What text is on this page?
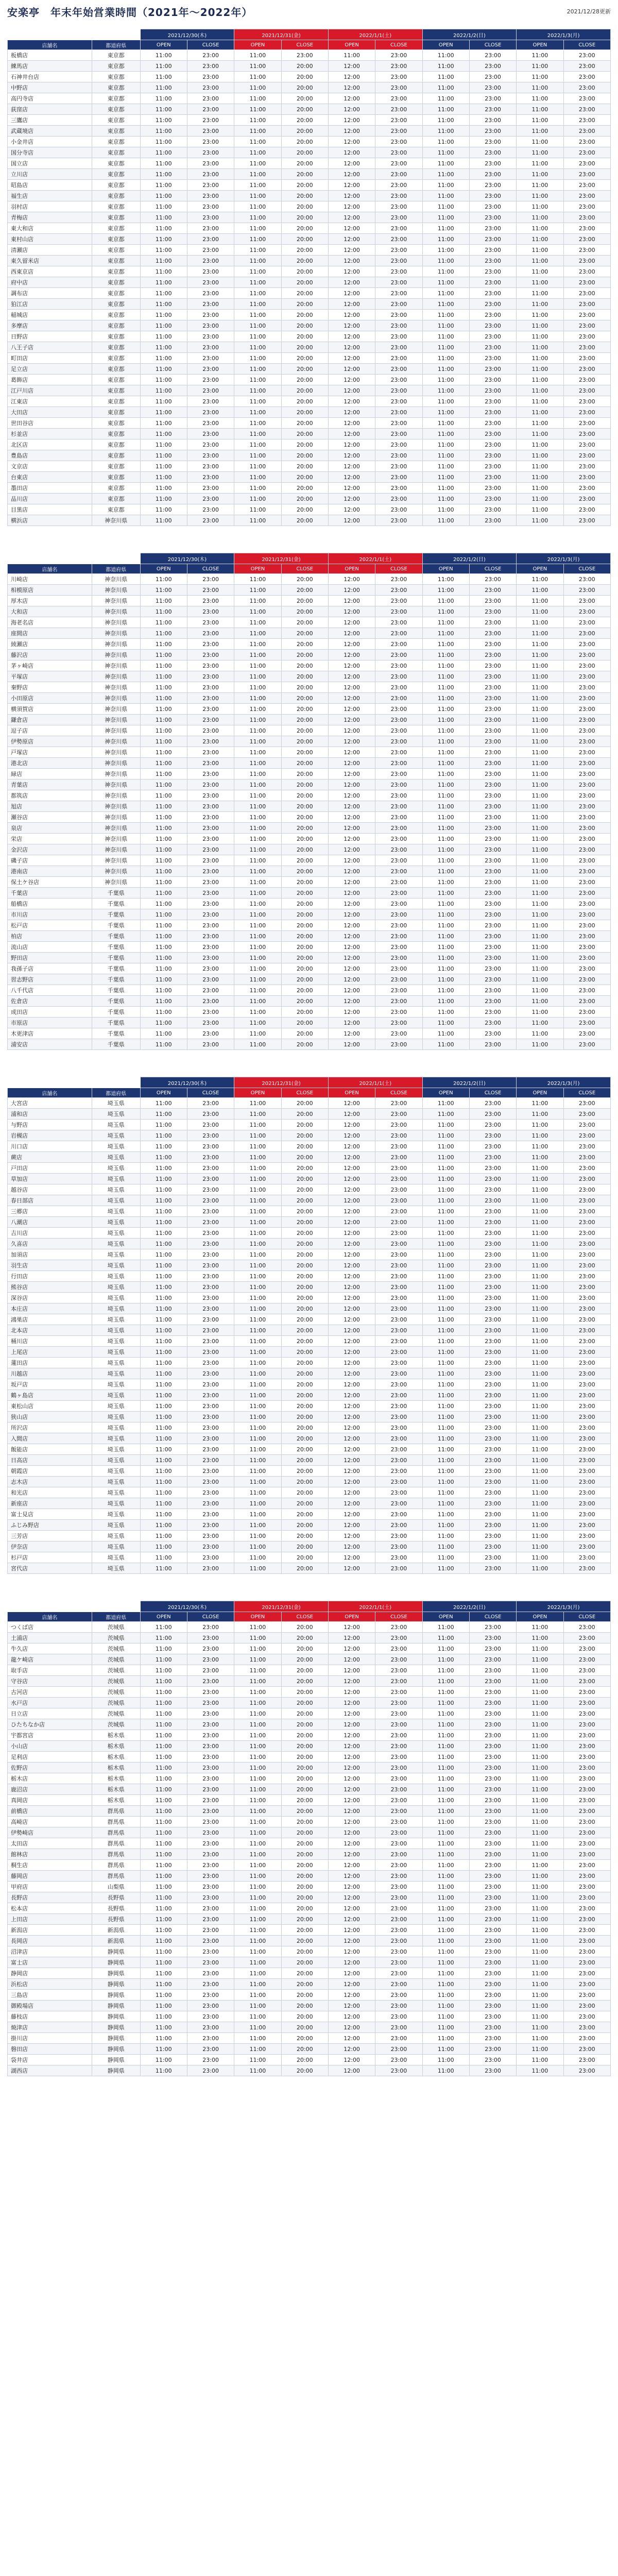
安楽亭　年末年始営業時間（2021年～2022年）	2021/12/28更新
		2021/12/30(木)		2021/12/31(金)		2022/1/1(土)		2022/1/2(日)		2022/1/3(月)	
店舗名	都道府県	OPEN	CLOSE	OPEN	CLOSE	OPEN	CLOSE	OPEN	CLOSE	OPEN	CLOSE
板橋店	東京都	11:00	23:00	11:00	23:00	11:00	23:00	11:00	23:00	11:00	23:00
練馬店	東京都	11:00	23:00	11:00	20:00	12:00	23:00	11:00	23:00	11:00	23:00
石神井台店	東京都	11:00	23:00	11:00	20:00	12:00	23:00	11:00	23:00	11:00	23:00
中野店	東京都	11:00	23:00	11:00	20:00	12:00	23:00	11:00	23:00	11:00	23:00
高円寺店	東京都	11:00	23:00	11:00	20:00	12:00	23:00	11:00	23:00	11:00	23:00
荻窪店	東京都	11:00	23:00	11:00	20:00	12:00	23:00	11:00	23:00	11:00	23:00
三鷹店	東京都	11:00	23:00	11:00	20:00	12:00	23:00	11:00	23:00	11:00	23:00
武蔵境店	東京都	11:00	23:00	11:00	20:00	12:00	23:00	11:00	23:00	11:00	23:00
小金井店	東京都	11:00	23:00	11:00	20:00	12:00	23:00	11:00	23:00	11:00	23:00
国分寺店	東京都	11:00	23:00	11:00	20:00	12:00	23:00	11:00	23:00	11:00	23:00
国立店	東京都	11:00	23:00	11:00	20:00	12:00	23:00	11:00	23:00	11:00	23:00
立川店	東京都	11:00	23:00	11:00	20:00	12:00	23:00	11:00	23:00	11:00	23:00
昭島店	東京都	11:00	23:00	11:00	20:00	12:00	23:00	11:00	23:00	11:00	23:00
福生店	東京都	11:00	23:00	11:00	20:00	12:00	23:00	11:00	23:00	11:00	23:00
羽村店	東京都	11:00	23:00	11:00	20:00	12:00	23:00	11:00	23:00	11:00	23:00
青梅店	東京都	11:00	23:00	11:00	20:00	12:00	23:00	11:00	23:00	11:00	23:00
東大和店	東京都	11:00	23:00	11:00	20:00	12:00	23:00	11:00	23:00	11:00	23:00
東村山店	東京都	11:00	23:00	11:00	20:00	12:00	23:00	11:00	23:00	11:00	23:00
清瀬店	東京都	11:00	23:00	11:00	20:00	12:00	23:00	11:00	23:00	11:00	23:00
東久留米店	東京都	11:00	23:00	11:00	20:00	12:00	23:00	11:00	23:00	11:00	23:00
西東京店	東京都	11:00	23:00	11:00	20:00	12:00	23:00	11:00	23:00	11:00	23:00
府中店	東京都	11:00	23:00	11:00	20:00	12:00	23:00	11:00	23:00	11:00	23:00
調布店	東京都	11:00	23:00	11:00	20:00	12:00	23:00	11:00	23:00	11:00	23:00
狛江店	東京都	11:00	23:00	11:00	20:00	12:00	23:00	11:00	23:00	11:00	23:00
稲城店	東京都	11:00	23:00	11:00	20:00	12:00	23:00	11:00	23:00	11:00	23:00
多摩店	東京都	11:00	23:00	11:00	20:00	12:00	23:00	11:00	23:00	11:00	23:00
日野店	東京都	11:00	23:00	11:00	20:00	12:00	23:00	11:00	23:00	11:00	23:00
八王子店	東京都	11:00	23:00	11:00	20:00	12:00	23:00	11:00	23:00	11:00	23:00
町田店	東京都	11:00	23:00	11:00	20:00	12:00	23:00	11:00	23:00	11:00	23:00
足立店	東京都	11:00	23:00	11:00	20:00	12:00	23:00	11:00	23:00	11:00	23:00
葛飾店	東京都	11:00	23:00	11:00	20:00	12:00	23:00	11:00	23:00	11:00	23:00
江戸川店	東京都	11:00	23:00	11:00	20:00	12:00	23:00	11:00	23:00	11:00	23:00
江東店	東京都	11:00	23:00	11:00	20:00	12:00	23:00	11:00	23:00	11:00	23:00
大田店	東京都	11:00	23:00	11:00	20:00	12:00	23:00	11:00	23:00	11:00	23:00
世田谷店	東京都	11:00	23:00	11:00	20:00	12:00	23:00	11:00	23:00	11:00	23:00
杉並店	東京都	11:00	23:00	11:00	20:00	12:00	23:00	11:00	23:00	11:00	23:00
北区店	東京都	11:00	23:00	11:00	20:00	12:00	23:00	11:00	23:00	11:00	23:00
豊島店	東京都	11:00	23:00	11:00	20:00	12:00	23:00	11:00	23:00	11:00	23:00
文京店	東京都	11:00	23:00	11:00	20:00	12:00	23:00	11:00	23:00	11:00	23:00
台東店	東京都	11:00	23:00	11:00	20:00	12:00	23:00	11:00	23:00	11:00	23:00
墨田店	東京都	11:00	23:00	11:00	20:00	12:00	23:00	11:00	23:00	11:00	23:00
品川店	東京都	11:00	23:00	11:00	20:00	12:00	23:00	11:00	23:00	11:00	23:00
目黒店	東京都	11:00	23:00	11:00	20:00	12:00	23:00	11:00	23:00	11:00	23:00
横浜店	神奈川県	11:00	23:00	11:00	20:00	12:00	23:00	11:00	23:00	11:00	23:00
		2021/12/30(木)		2021/12/31(金)		2022/1/1(土)		2022/1/2(日)		2022/1/3(月)	
店舗名	都道府県	OPEN	CLOSE	OPEN	CLOSE	OPEN	CLOSE	OPEN	CLOSE	OPEN	CLOSE
川崎店	神奈川県	11:00	23:00	11:00	20:00	12:00	23:00	11:00	23:00	11:00	23:00
相模原店	神奈川県	11:00	23:00	11:00	20:00	12:00	23:00	11:00	23:00	11:00	23:00
厚木店	神奈川県	11:00	23:00	11:00	20:00	12:00	23:00	11:00	23:00	11:00	23:00
大和店	神奈川県	11:00	23:00	11:00	20:00	12:00	23:00	11:00	23:00	11:00	23:00
海老名店	神奈川県	11:00	23:00	11:00	20:00	12:00	23:00	11:00	23:00	11:00	23:00
座間店	神奈川県	11:00	23:00	11:00	20:00	12:00	23:00	11:00	23:00	11:00	23:00
綾瀬店	神奈川県	11:00	23:00	11:00	20:00	12:00	23:00	11:00	23:00	11:00	23:00
藤沢店	神奈川県	11:00	23:00	11:00	20:00	12:00	23:00	11:00	23:00	11:00	23:00
茅ヶ崎店	神奈川県	11:00	23:00	11:00	20:00	12:00	23:00	11:00	23:00	11:00	23:00
平塚店	神奈川県	11:00	23:00	11:00	20:00	12:00	23:00	11:00	23:00	11:00	23:00
秦野店	神奈川県	11:00	23:00	11:00	20:00	12:00	23:00	11:00	23:00	11:00	23:00
小田原店	神奈川県	11:00	23:00	11:00	20:00	12:00	23:00	11:00	23:00	11:00	23:00
横須賀店	神奈川県	11:00	23:00	11:00	20:00	12:00	23:00	11:00	23:00	11:00	23:00
鎌倉店	神奈川県	11:00	23:00	11:00	20:00	12:00	23:00	11:00	23:00	11:00	23:00
逗子店	神奈川県	11:00	23:00	11:00	20:00	12:00	23:00	11:00	23:00	11:00	23:00
伊勢原店	神奈川県	11:00	23:00	11:00	20:00	12:00	23:00	11:00	23:00	11:00	23:00
戸塚店	神奈川県	11:00	23:00	11:00	20:00	12:00	23:00	11:00	23:00	11:00	23:00
港北店	神奈川県	11:00	23:00	11:00	20:00	12:00	23:00	11:00	23:00	11:00	23:00
緑店	神奈川県	11:00	23:00	11:00	20:00	12:00	23:00	11:00	23:00	11:00	23:00
青葉店	神奈川県	11:00	23:00	11:00	20:00	12:00	23:00	11:00	23:00	11:00	23:00
都筑店	神奈川県	11:00	23:00	11:00	20:00	12:00	23:00	11:00	23:00	11:00	23:00
旭店	神奈川県	11:00	23:00	11:00	20:00	12:00	23:00	11:00	23:00	11:00	23:00
瀬谷店	神奈川県	11:00	23:00	11:00	20:00	12:00	23:00	11:00	23:00	11:00	23:00
泉店	神奈川県	11:00	23:00	11:00	20:00	12:00	23:00	11:00	23:00	11:00	23:00
栄店	神奈川県	11:00	23:00	11:00	20:00	12:00	23:00	11:00	23:00	11:00	23:00
金沢店	神奈川県	11:00	23:00	11:00	20:00	12:00	23:00	11:00	23:00	11:00	23:00
磯子店	神奈川県	11:00	23:00	11:00	20:00	12:00	23:00	11:00	23:00	11:00	23:00
港南店	神奈川県	11:00	23:00	11:00	20:00	12:00	23:00	11:00	23:00	11:00	23:00
保土ケ谷店	神奈川県	11:00	23:00	11:00	20:00	12:00	23:00	11:00	23:00	11:00	23:00
千葉店	千葉県	11:00	23:00	11:00	20:00	12:00	23:00	11:00	23:00	11:00	23:00
船橋店	千葉県	11:00	23:00	11:00	20:00	12:00	23:00	11:00	23:00	11:00	23:00
市川店	千葉県	11:00	23:00	11:00	20:00	12:00	23:00	11:00	23:00	11:00	23:00
松戸店	千葉県	11:00	23:00	11:00	20:00	12:00	23:00	11:00	23:00	11:00	23:00
柏店	千葉県	11:00	23:00	11:00	20:00	12:00	23:00	11:00	23:00	11:00	23:00
流山店	千葉県	11:00	23:00	11:00	20:00	12:00	23:00	11:00	23:00	11:00	23:00
野田店	千葉県	11:00	23:00	11:00	20:00	12:00	23:00	11:00	23:00	11:00	23:00
我孫子店	千葉県	11:00	23:00	11:00	20:00	12:00	23:00	11:00	23:00	11:00	23:00
習志野店	千葉県	11:00	23:00	11:00	20:00	12:00	23:00	11:00	23:00	11:00	23:00
八千代店	千葉県	11:00	23:00	11:00	20:00	12:00	23:00	11:00	23:00	11:00	23:00
佐倉店	千葉県	11:00	23:00	11:00	20:00	12:00	23:00	11:00	23:00	11:00	23:00
成田店	千葉県	11:00	23:00	11:00	20:00	12:00	23:00	11:00	23:00	11:00	23:00
市原店	千葉県	11:00	23:00	11:00	20:00	12:00	23:00	11:00	23:00	11:00	23:00
木更津店	千葉県	11:00	23:00	11:00	20:00	12:00	23:00	11:00	23:00	11:00	23:00
浦安店	千葉県	11:00	23:00	11:00	20:00	12:00	23:00	11:00	23:00	11:00	23:00
		2021/12/30(木)		2021/12/31(金)		2022/1/1(土)		2022/1/2(日)		2022/1/3(月)	
店舗名	都道府県	OPEN	CLOSE	OPEN	CLOSE	OPEN	CLOSE	OPEN	CLOSE	OPEN	CLOSE
大宮店	埼玉県	11:00	23:00	11:00	20:00	12:00	23:00	11:00	23:00	11:00	23:00
浦和店	埼玉県	11:00	23:00	11:00	20:00	12:00	23:00	11:00	23:00	11:00	23:00
与野店	埼玉県	11:00	23:00	11:00	20:00	12:00	23:00	11:00	23:00	11:00	23:00
岩槻店	埼玉県	11:00	23:00	11:00	20:00	12:00	23:00	11:00	23:00	11:00	23:00
川口店	埼玉県	11:00	23:00	11:00	20:00	12:00	23:00	11:00	23:00	11:00	23:00
蕨店	埼玉県	11:00	23:00	11:00	20:00	12:00	23:00	11:00	23:00	11:00	23:00
戸田店	埼玉県	11:00	23:00	11:00	20:00	12:00	23:00	11:00	23:00	11:00	23:00
草加店	埼玉県	11:00	23:00	11:00	20:00	12:00	23:00	11:00	23:00	11:00	23:00
越谷店	埼玉県	11:00	23:00	11:00	20:00	12:00	23:00	11:00	23:00	11:00	23:00
春日部店	埼玉県	11:00	23:00	11:00	20:00	12:00	23:00	11:00	23:00	11:00	23:00
三郷店	埼玉県	11:00	23:00	11:00	20:00	12:00	23:00	11:00	23:00	11:00	23:00
八潮店	埼玉県	11:00	23:00	11:00	20:00	12:00	23:00	11:00	23:00	11:00	23:00
吉川店	埼玉県	11:00	23:00	11:00	20:00	12:00	23:00	11:00	23:00	11:00	23:00
久喜店	埼玉県	11:00	23:00	11:00	20:00	12:00	23:00	11:00	23:00	11:00	23:00
加須店	埼玉県	11:00	23:00	11:00	20:00	12:00	23:00	11:00	23:00	11:00	23:00
羽生店	埼玉県	11:00	23:00	11:00	20:00	12:00	23:00	11:00	23:00	11:00	23:00
行田店	埼玉県	11:00	23:00	11:00	20:00	12:00	23:00	11:00	23:00	11:00	23:00
熊谷店	埼玉県	11:00	23:00	11:00	20:00	12:00	23:00	11:00	23:00	11:00	23:00
深谷店	埼玉県	11:00	23:00	11:00	20:00	12:00	23:00	11:00	23:00	11:00	23:00
本庄店	埼玉県	11:00	23:00	11:00	20:00	12:00	23:00	11:00	23:00	11:00	23:00
鴻巣店	埼玉県	11:00	23:00	11:00	20:00	12:00	23:00	11:00	23:00	11:00	23:00
北本店	埼玉県	11:00	23:00	11:00	20:00	12:00	23:00	11:00	23:00	11:00	23:00
桶川店	埼玉県	11:00	23:00	11:00	20:00	12:00	23:00	11:00	23:00	11:00	23:00
上尾店	埼玉県	11:00	23:00	11:00	20:00	12:00	23:00	11:00	23:00	11:00	23:00
蓮田店	埼玉県	11:00	23:00	11:00	20:00	12:00	23:00	11:00	23:00	11:00	23:00
川越店	埼玉県	11:00	23:00	11:00	20:00	12:00	23:00	11:00	23:00	11:00	23:00
坂戸店	埼玉県	11:00	23:00	11:00	20:00	12:00	23:00	11:00	23:00	11:00	23:00
鶴ヶ島店	埼玉県	11:00	23:00	11:00	20:00	12:00	23:00	11:00	23:00	11:00	23:00
東松山店	埼玉県	11:00	23:00	11:00	20:00	12:00	23:00	11:00	23:00	11:00	23:00
狭山店	埼玉県	11:00	23:00	11:00	20:00	12:00	23:00	11:00	23:00	11:00	23:00
所沢店	埼玉県	11:00	23:00	11:00	20:00	12:00	23:00	11:00	23:00	11:00	23:00
入間店	埼玉県	11:00	23:00	11:00	20:00	12:00	23:00	11:00	23:00	11:00	23:00
飯能店	埼玉県	11:00	23:00	11:00	20:00	12:00	23:00	11:00	23:00	11:00	23:00
日高店	埼玉県	11:00	23:00	11:00	20:00	12:00	23:00	11:00	23:00	11:00	23:00
朝霞店	埼玉県	11:00	23:00	11:00	20:00	12:00	23:00	11:00	23:00	11:00	23:00
志木店	埼玉県	11:00	23:00	11:00	20:00	12:00	23:00	11:00	23:00	11:00	23:00
和光店	埼玉県	11:00	23:00	11:00	20:00	12:00	23:00	11:00	23:00	11:00	23:00
新座店	埼玉県	11:00	23:00	11:00	20:00	12:00	23:00	11:00	23:00	11:00	23:00
富士見店	埼玉県	11:00	23:00	11:00	20:00	12:00	23:00	11:00	23:00	11:00	23:00
ふじみ野店	埼玉県	11:00	23:00	11:00	20:00	12:00	23:00	11:00	23:00	11:00	23:00
三芳店	埼玉県	11:00	23:00	11:00	20:00	12:00	23:00	11:00	23:00	11:00	23:00
伊奈店	埼玉県	11:00	23:00	11:00	20:00	12:00	23:00	11:00	23:00	11:00	23:00
杉戸店	埼玉県	11:00	23:00	11:00	20:00	12:00	23:00	11:00	23:00	11:00	23:00
宮代店	埼玉県	11:00	23:00	11:00	20:00	12:00	23:00	11:00	23:00	11:00	23:00
		2021/12/30(木)		2021/12/31(金)		2022/1/1(土)		2022/1/2(日)		2022/1/3(月)	
店舗名	都道府県	OPEN	CLOSE	OPEN	CLOSE	OPEN	CLOSE	OPEN	CLOSE	OPEN	CLOSE
つくば店	茨城県	11:00	23:00	11:00	20:00	12:00	23:00	11:00	23:00	11:00	23:00
土浦店	茨城県	11:00	23:00	11:00	20:00	12:00	23:00	11:00	23:00	11:00	23:00
牛久店	茨城県	11:00	23:00	11:00	20:00	12:00	23:00	11:00	23:00	11:00	23:00
龍ケ崎店	茨城県	11:00	23:00	11:00	20:00	12:00	23:00	11:00	23:00	11:00	23:00
取手店	茨城県	11:00	23:00	11:00	20:00	12:00	23:00	11:00	23:00	11:00	23:00
守谷店	茨城県	11:00	23:00	11:00	20:00	12:00	23:00	11:00	23:00	11:00	23:00
古河店	茨城県	11:00	23:00	11:00	20:00	12:00	23:00	11:00	23:00	11:00	23:00
水戸店	茨城県	11:00	23:00	11:00	20:00	12:00	23:00	11:00	23:00	11:00	23:00
日立店	茨城県	11:00	23:00	11:00	20:00	12:00	23:00	11:00	23:00	11:00	23:00
ひたちなか店	茨城県	11:00	23:00	11:00	20:00	12:00	23:00	11:00	23:00	11:00	23:00
宇都宮店	栃木県	11:00	23:00	11:00	20:00	12:00	23:00	11:00	23:00	11:00	23:00
小山店	栃木県	11:00	23:00	11:00	20:00	12:00	23:00	11:00	23:00	11:00	23:00
足利店	栃木県	11:00	23:00	11:00	20:00	12:00	23:00	11:00	23:00	11:00	23:00
佐野店	栃木県	11:00	23:00	11:00	20:00	12:00	23:00	11:00	23:00	11:00	23:00
栃木店	栃木県	11:00	23:00	11:00	20:00	12:00	23:00	11:00	23:00	11:00	23:00
鹿沼店	栃木県	11:00	23:00	11:00	20:00	12:00	23:00	11:00	23:00	11:00	23:00
真岡店	栃木県	11:00	23:00	11:00	20:00	12:00	23:00	11:00	23:00	11:00	23:00
前橋店	群馬県	11:00	23:00	11:00	20:00	12:00	23:00	11:00	23:00	11:00	23:00
高崎店	群馬県	11:00	23:00	11:00	20:00	12:00	23:00	11:00	23:00	11:00	23:00
伊勢崎店	群馬県	11:00	23:00	11:00	20:00	12:00	23:00	11:00	23:00	11:00	23:00
太田店	群馬県	11:00	23:00	11:00	20:00	12:00	23:00	11:00	23:00	11:00	23:00
館林店	群馬県	11:00	23:00	11:00	20:00	12:00	23:00	11:00	23:00	11:00	23:00
桐生店	群馬県	11:00	23:00	11:00	20:00	12:00	23:00	11:00	23:00	11:00	23:00
藤岡店	群馬県	11:00	23:00	11:00	20:00	12:00	23:00	11:00	23:00	11:00	23:00
甲府店	山梨県	11:00	23:00	11:00	20:00	12:00	23:00	11:00	23:00	11:00	23:00
長野店	長野県	11:00	23:00	11:00	20:00	12:00	23:00	11:00	23:00	11:00	23:00
松本店	長野県	11:00	23:00	11:00	20:00	12:00	23:00	11:00	23:00	11:00	23:00
上田店	長野県	11:00	23:00	11:00	20:00	12:00	23:00	11:00	23:00	11:00	23:00
新潟店	新潟県	11:00	23:00	11:00	20:00	12:00	23:00	11:00	23:00	11:00	23:00
長岡店	新潟県	11:00	23:00	11:00	20:00	12:00	23:00	11:00	23:00	11:00	23:00
沼津店	静岡県	11:00	23:00	11:00	20:00	12:00	23:00	11:00	23:00	11:00	23:00
富士店	静岡県	11:00	23:00	11:00	20:00	12:00	23:00	11:00	23:00	11:00	23:00
静岡店	静岡県	11:00	23:00	11:00	20:00	12:00	23:00	11:00	23:00	11:00	23:00
浜松店	静岡県	11:00	23:00	11:00	20:00	12:00	23:00	11:00	23:00	11:00	23:00
三島店	静岡県	11:00	23:00	11:00	20:00	12:00	23:00	11:00	23:00	11:00	23:00
御殿場店	静岡県	11:00	23:00	11:00	20:00	12:00	23:00	11:00	23:00	11:00	23:00
藤枝店	静岡県	11:00	23:00	11:00	20:00	12:00	23:00	11:00	23:00	11:00	23:00
焼津店	静岡県	11:00	23:00	11:00	20:00	12:00	23:00	11:00	23:00	11:00	23:00
掛川店	静岡県	11:00	23:00	11:00	20:00	12:00	23:00	11:00	23:00	11:00	23:00
磐田店	静岡県	11:00	23:00	11:00	20:00	12:00	23:00	11:00	23:00	11:00	23:00
袋井店	静岡県	11:00	23:00	11:00	20:00	12:00	23:00	11:00	23:00	11:00	23:00
湖西店	静岡県	11:00	23:00	11:00	20:00	12:00	23:00	11:00	23:00	11:00	23:00
